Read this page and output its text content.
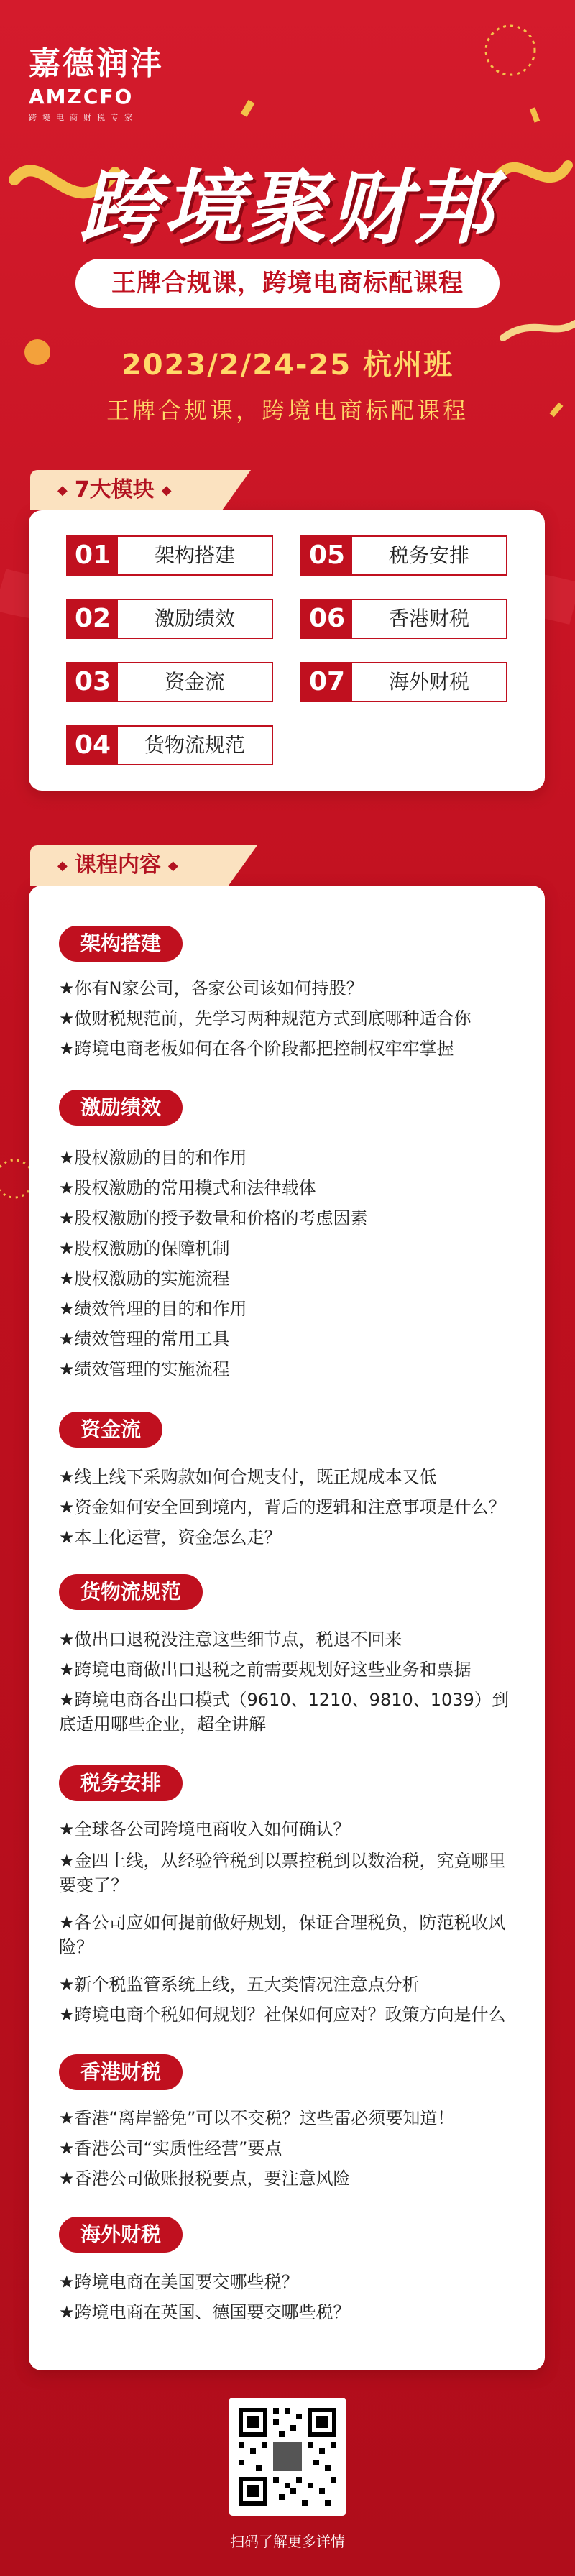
嘉德润沣
AMZCFO
跨境电商财税专家
跨境聚财邦
王牌合规课，跨境电商标配课程
2023/2/24-25 杭州班
王牌合规课，跨境电商标配课程
◆ 7大模块 ◆
01	架构搭建	05	税务安排
02	激励绩效	06	香港财税
03	资金流	07	海外财税
04	货物流规范
◆ 课程内容 ◆
架构搭建
★你有N家公司，各家公司该如何持股？
★做财税规范前，先学习两种规范方式到底哪种适合你
★跨境电商老板如何在各个阶段都把控制权牢牢掌握
激励绩效
★股权激励的目的和作用
★股权激励的常用模式和法律载体
★股权激励的授予数量和价格的考虑因素
★股权激励的保障机制
★股权激励的实施流程
★绩效管理的目的和作用
★绩效管理的常用工具
★绩效管理的实施流程
资金流
★线上线下采购款如何合规支付，既正规成本又低
★资金如何安全回到境内，背后的逻辑和注意事项是什么？
★本土化运营，资金怎么走？
货物流规范
★做出口退税没注意这些细节点，税退不回来
★跨境电商做出口退税之前需要规划好这些业务和票据
★跨境电商各出口模式（9610、1210、9810、1039）到底适用哪些企业，超全讲解
税务安排
★全球各公司跨境电商收入如何确认？
★金四上线，从经验管税到以票控税到以数治税，究竟哪里要变了？
★各公司应如何提前做好规划，保证合理税负，防范税收风险？
★新个税监管系统上线，五大类情况注意点分析
★跨境电商个税如何规划？社保如何应对？政策方向是什么
香港财税
★香港“离岸豁免”可以不交税？这些雷必须要知道！
★香港公司“实质性经营”要点
★香港公司做账报税要点，要注意风险
海外财税
★跨境电商在美国要交哪些税？
★跨境电商在英国、德国要交哪些税？
扫码了解更多详情
